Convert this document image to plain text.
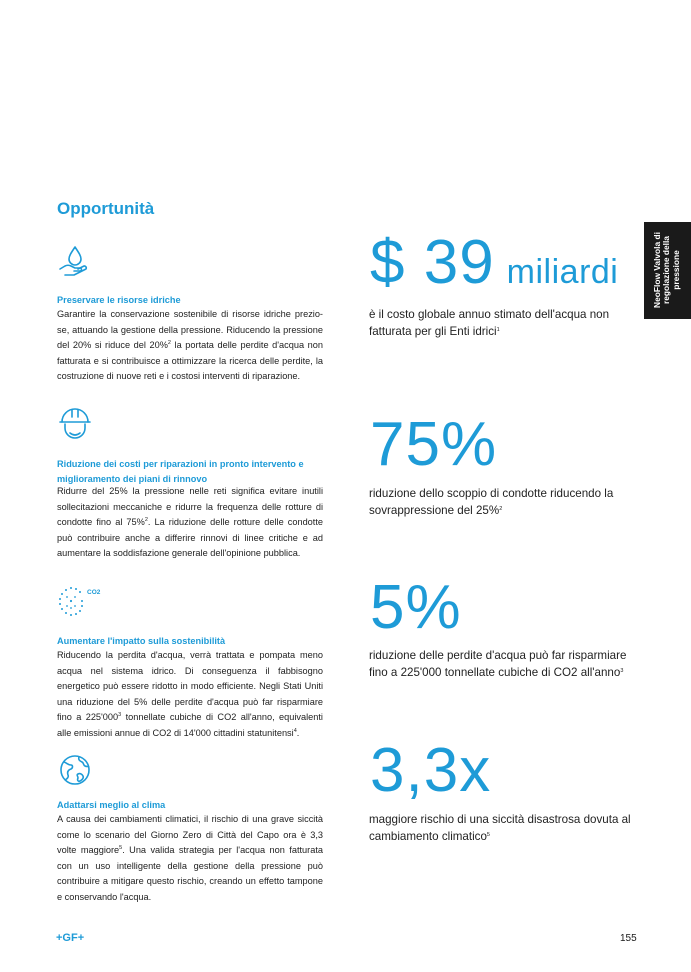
Opportunità
NeoFlow Valvola di regolazione della pressione
Preservare le risorse idriche
Garantire la conservazione sostenibile di risorse idriche prezio-se, attuando la gestione della pressione. Riducendo la pressione del 20% si riduce del 20%$^2$ la portata delle perdite d'acqua non fatturata e si contribuisce a ottimizzare la ricerca delle perdite, la costruzione di nuove reti e i costosi interventi di riparazione.
Riduzione dei costi per riparazioni in pronto intervento e miglioramento dei piani di rinnovo
Ridurre del 25% la pressione nelle reti significa evitare inutili sollecitazioni meccaniche e ridurre la frequenza delle rotture di condotte fino al 75%$^2$. La riduzione delle rotture delle condotte può contribuire anche a differire rinnovi di linee critiche e ad aumentare la soddisfazione generale dell'opinione pubblica.
CO2
Aumentare l'impatto sulla sostenibilità
Riducendo la perdita d'acqua, verrà trattata e pompata meno acqua nel sistema idrico. Di conseguenza il fabbisogno energetico può essere ridotto in modo efficiente. Negli Stati Uniti una riduzione del 5% delle perdite d'acqua può far risparmiare fino a $225'000^3$ tonnellate cubiche di CO2 all'anno, equivalenti alle emissioni annue di CO2 di 14'000 cittadini statunitensi$^4$.
Adattarsi meglio al clima
A causa dei cambiamenti climatici, il rischio di una grave siccità come lo scenario del Giorno Zero di Città del Capo ora è 3,3 volte maggiore$^5$. Una valida strategia per l'acqua non fatturata con un uso intelligente della gestione della pressione può contribuire a mitigare questo rischio, creando un effetto tampone e conservando l'acqua.
$ 39 miliardi
è il costo globale annuo stimato dell'acqua non fatturata per gli Enti idrici$^1$
75%
riduzione dello scoppio di condotte riducendo la sovrappressione del 25%$^2$
5%
riduzione delle perdite d'acqua può far risparmiare fino a 225'000 tonnellate cubiche di CO2 all'anno$^3$
3,3x
maggiore rischio di una siccità disastrosa dovuta al cambiamento climatico$^5$
+GF+	155
